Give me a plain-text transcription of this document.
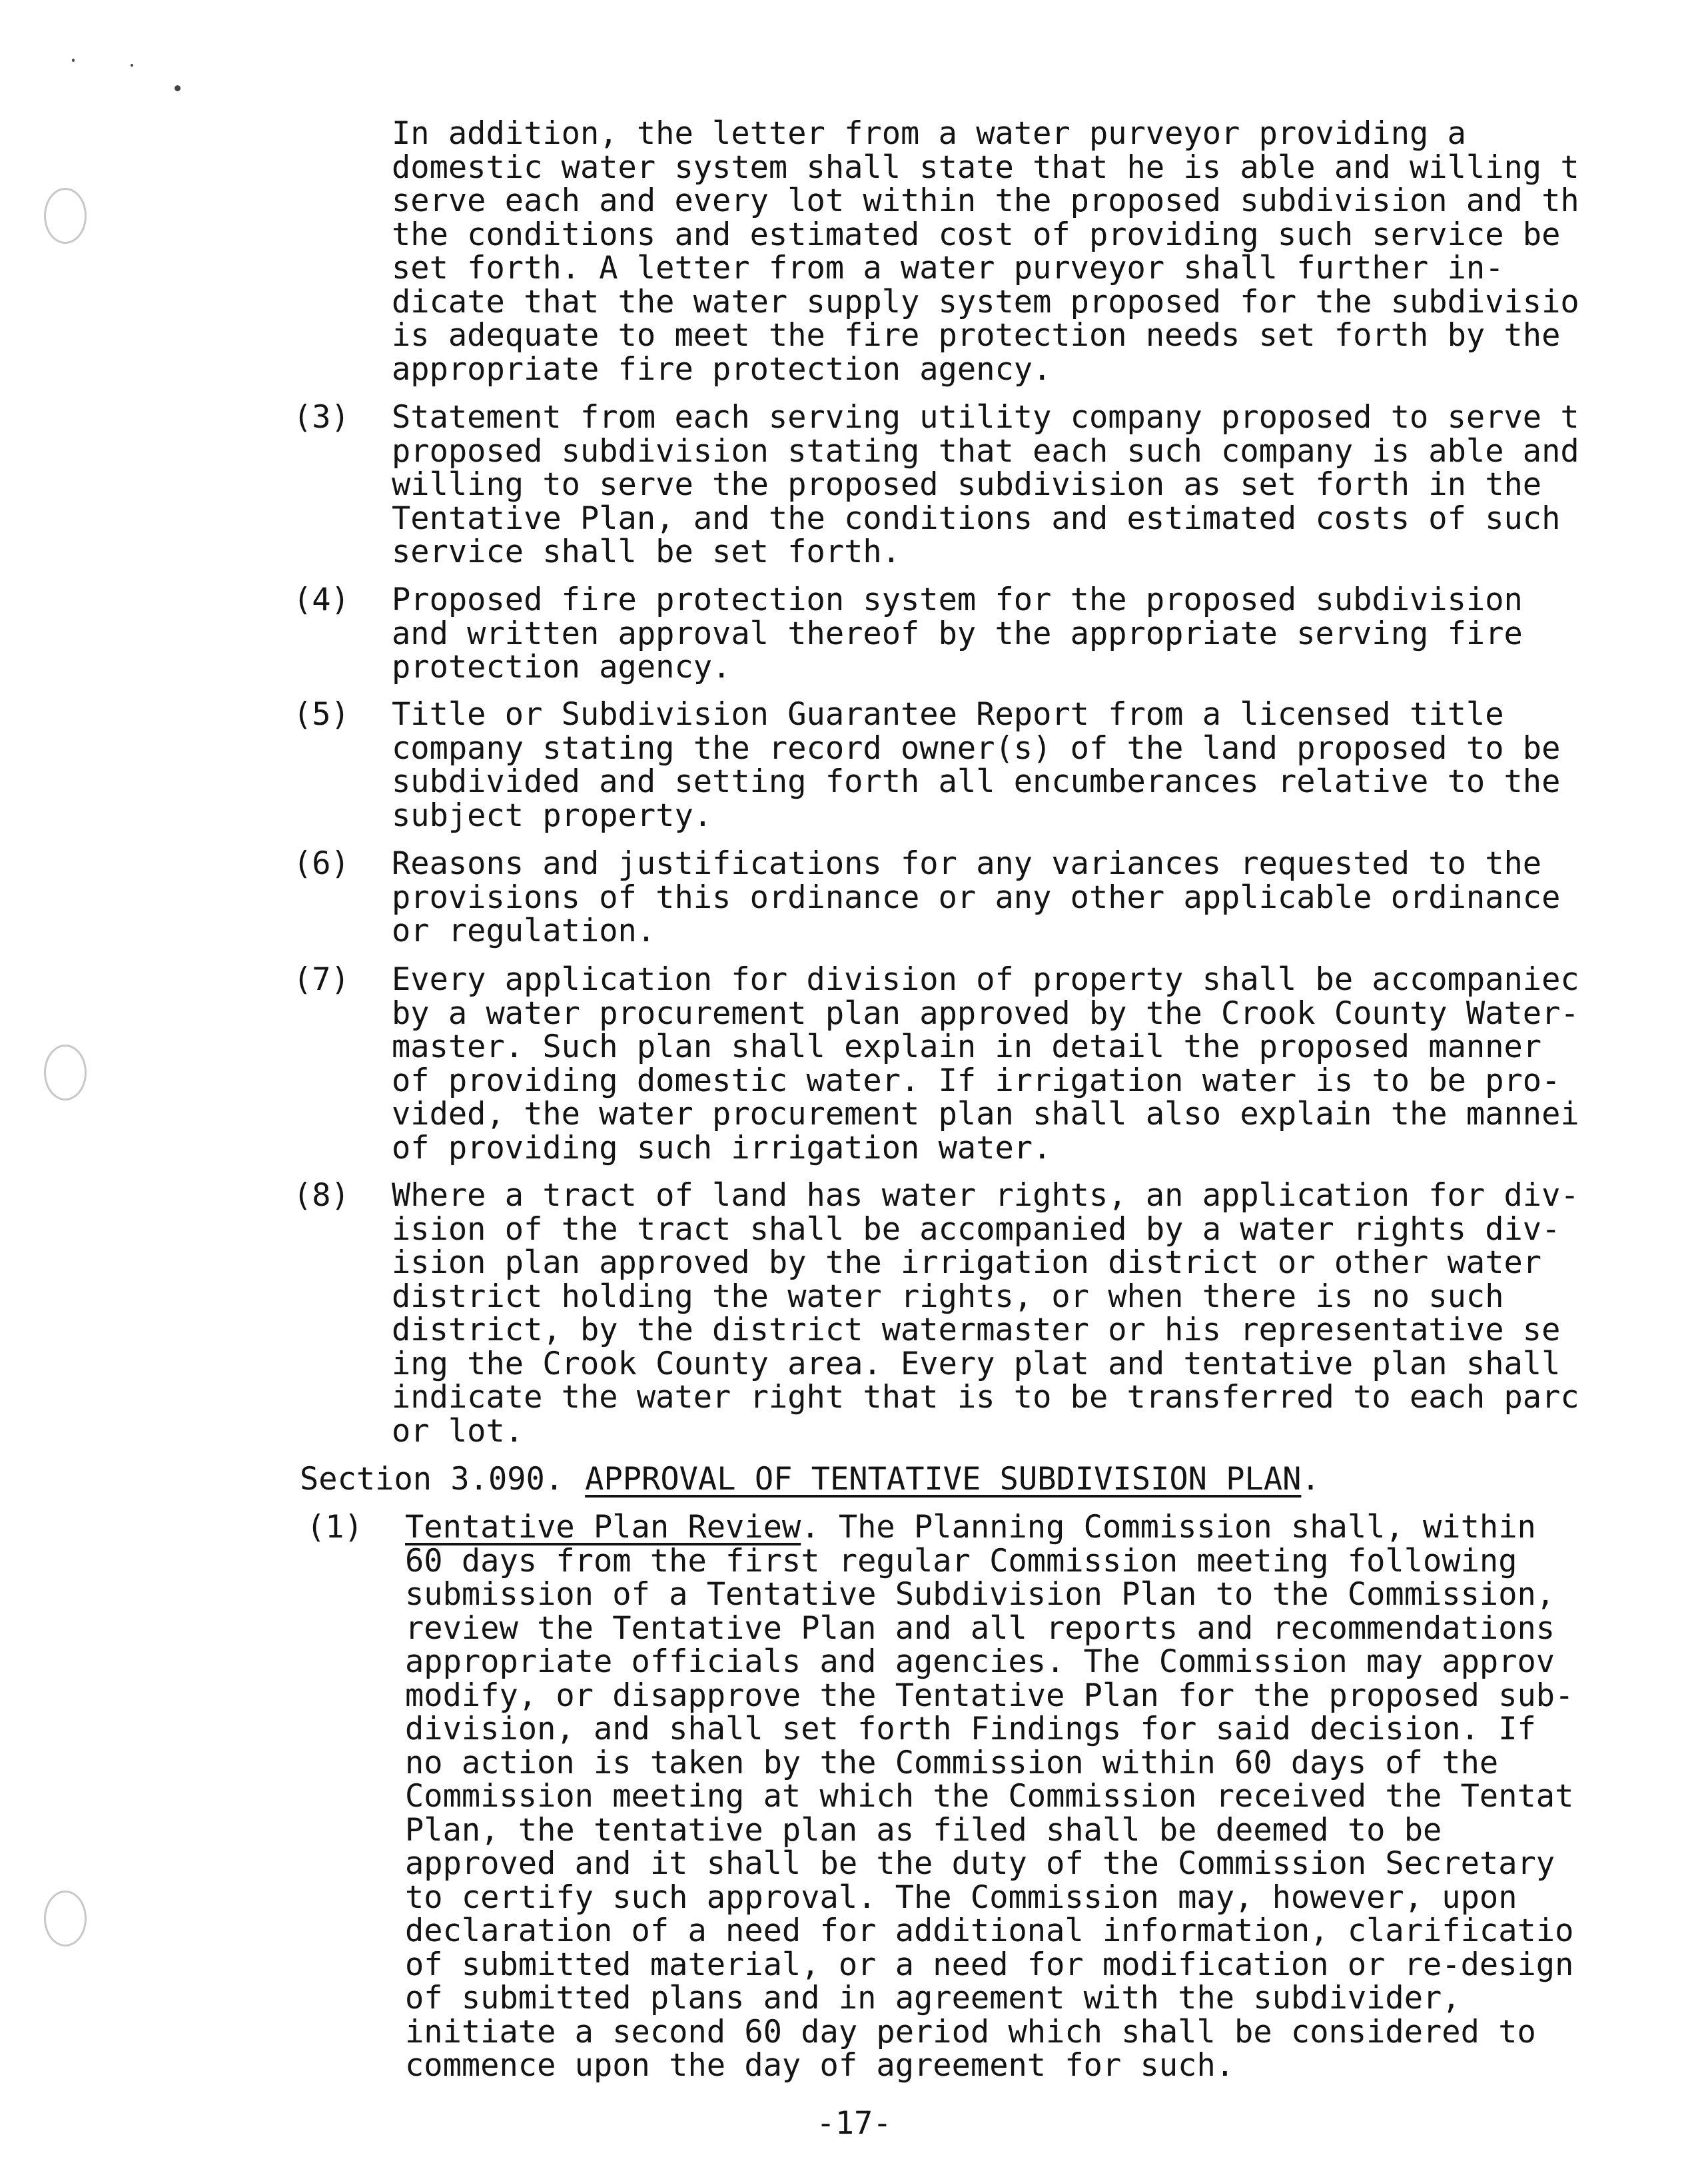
In addition, the letter from a water purveyor providing a
domestic water system shall state that he is able and willing t
serve each and every lot within the proposed subdivision and th
the conditions and estimated cost of providing such service be
set forth. A letter from a water purveyor shall further in-
dicate that the water supply system proposed for the subdivisio
is adequate to meet the fire protection needs set forth by the
appropriate fire protection agency.
(3) Statement from each serving utility company proposed to serve t
proposed subdivision stating that each such company is able and
willing to serve the proposed subdivision as set forth in the
Tentative Plan, and the conditions and estimated costs of such
service shall be set forth.
(4) Proposed fire protection system for the proposed subdivision
and written approval thereof by the appropriate serving fire
protection agency.
(5) Title or Subdivision Guarantee Report from a licensed title
company stating the record owner(s) of the land proposed to be
subdivided and setting forth all encumberances relative to the
subject property.
(6) Reasons and justifications for any variances requested to the
provisions of this ordinance or any other applicable ordinance
or regulation.
(7) Every application for division of property shall be accompaniec
by a water procurement plan approved by the Crook County Water-
master. Such plan shall explain in detail the proposed manner
of providing domestic water. If irrigation water is to be pro-
vided, the water procurement plan shall also explain the mannei
of providing such irrigation water.
(8) Where a tract of land has water rights, an application for div-
ision of the tract shall be accompanied by a water rights div-
ision plan approved by the irrigation district or other water
district holding the water rights, or when there is no such
district, by the district watermaster or his representative se
ing the Crook County area. Every plat and tentative plan shall
indicate the water right that is to be transferred to each parc
or lot.
Section 3.090. APPROVAL OF TENTATIVE SUBDIVISION PLAN.
(1) Tentative Plan Review. The Planning Commission shall, within
60 days from the first regular Commission meeting following
submission of a Tentative Subdivision Plan to the Commission,
review the Tentative Plan and all reports and recommendations
appropriate officials and agencies. The Commission may approv
modify, or disapprove the Tentative Plan for the proposed sub-
division, and shall set forth Findings for said decision. If
no action is taken by the Commission within 60 days of the
Commission meeting at which the Commission received the Tentat
Plan, the tentative plan as filed shall be deemed to be
approved and it shall be the duty of the Commission Secretary
to certify such approval. The Commission may, however, upon
declaration of a need for additional information, clarificatio
of submitted material, or a need for modification or re-design
of submitted plans and in agreement with the subdivider,
initiate a second 60 day period which shall be considered to
commence upon the day of agreement for such.
-17-
